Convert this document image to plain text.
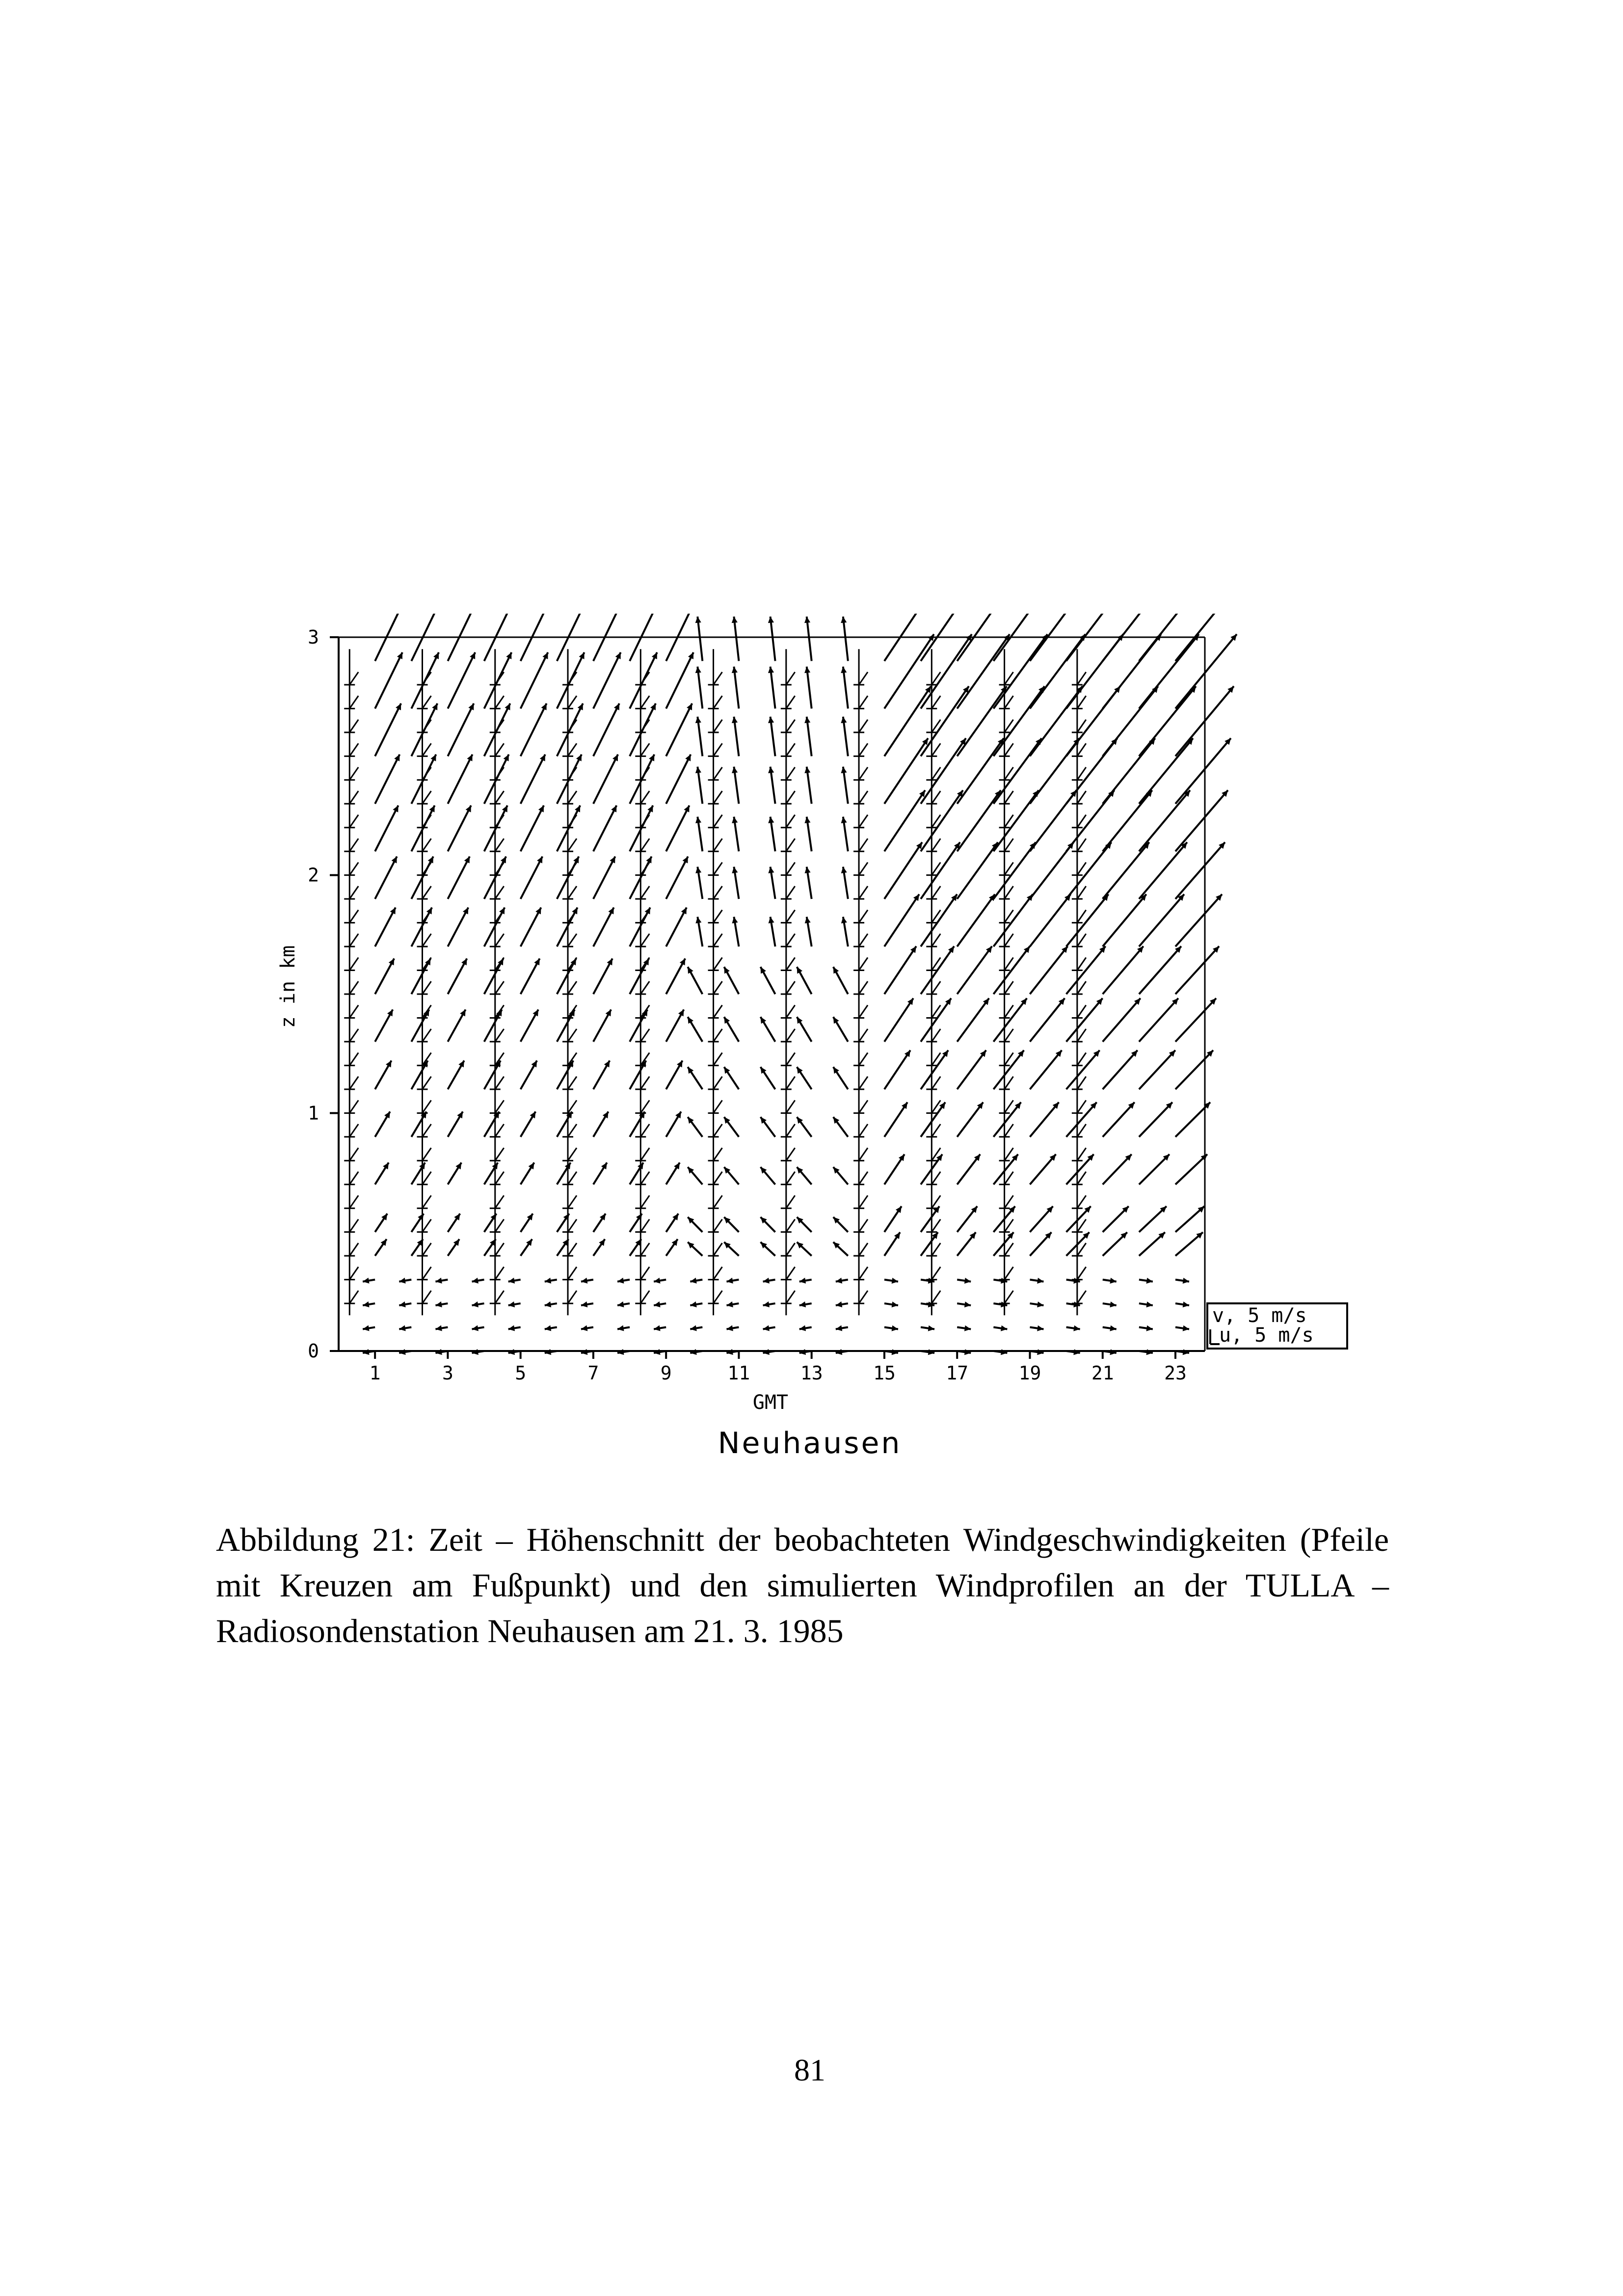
0
1
2
3
1	3	5	7	9	11	13	15	17	19	21	23
z in km
GMT
v, 5 m/s
u, 5 m/s
Neuhausen
Abbildung 21: Zeit – Höhenschnitt der beobachteten Windgeschwindigkeiten (Pfeile mit Kreuzen am Fußpunkt) und den simulierten Windprofilen an der TULLA – Radiosondenstation Neuhausen am 21. 3. 1985
81
